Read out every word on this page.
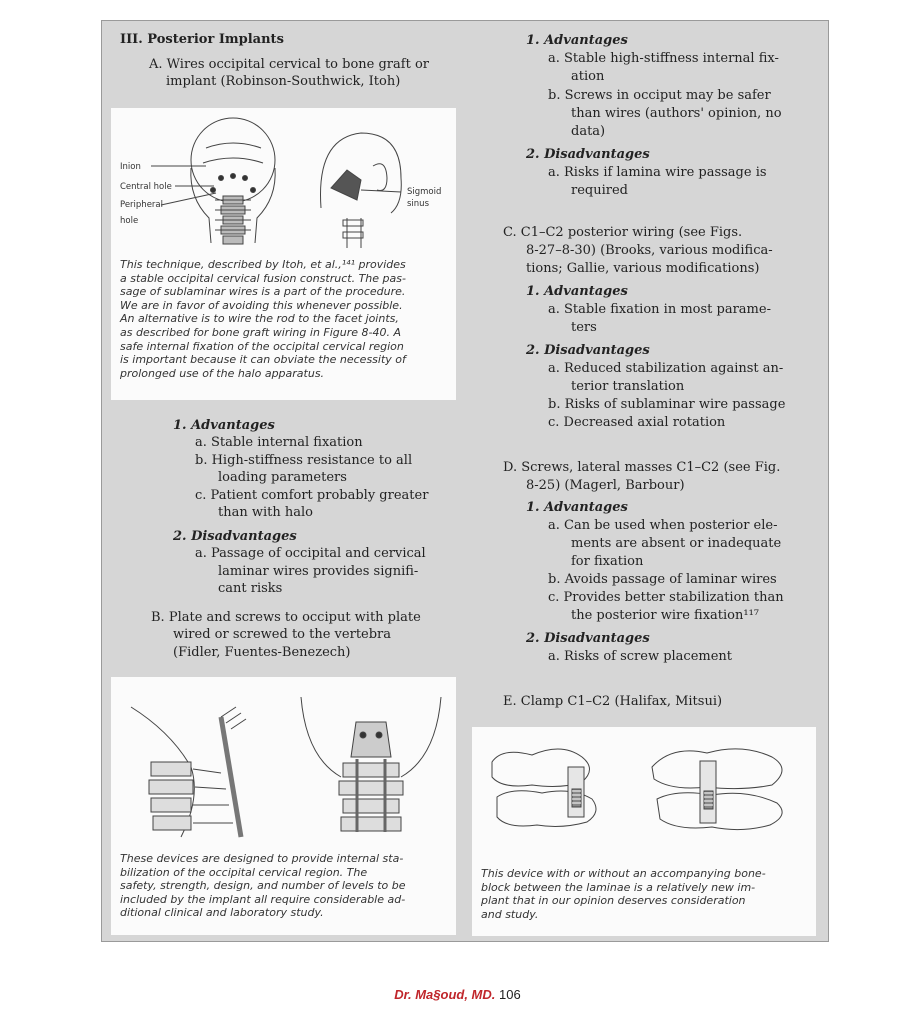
III. Posterior Implants
A. Wires occipital cervical to bone graft or
implant (Robinson-Southwick, Itoh)
Inion
Central hole
Peripheral
hole
Sigmoid
sinus
This technique, described by Itoh, et al.,¹⁴¹ provides
a stable occipital cervical fusion construct. The pas-
sage of sublaminar wires is a part of the procedure.
We are in favor of avoiding this whenever possible.
An alternative is to wire the rod to the facet joints,
as described for bone graft wiring in Figure 8-40. A
safe internal fixation of the occipital cervical region
is important because it can obviate the necessity of
prolonged use of the halo apparatus.
1. Advantages
a. Stable internal fixation
b. High-stiffness resistance to all
loading parameters
c. Patient comfort probably greater
than with halo
2. Disadvantages
a. Passage of occipital and cervical
laminar wires provides signifi-
cant risks
B. Plate and screws to occiput with plate
wired or screwed to the vertebra
(Fidler, Fuentes-Benezech)
These devices are designed to provide internal sta-
bilization of the occipital cervical region. The
safety, strength, design, and number of levels to be
included by the implant all require considerable ad-
ditional clinical and laboratory study.
1. Advantages
a. Stable high-stiffness internal fix-
ation
b. Screws in occiput may be safer
than wires (authors' opinion, no
data)
2. Disadvantages
a. Risks if lamina wire passage is
required
C. C1–C2 posterior wiring (see Figs.
8-27–8-30) (Brooks, various modifica-
tions; Gallie, various modifications)
1. Advantages
a. Stable fixation in most parame-
ters
2. Disadvantages
a. Reduced stabilization against an-
terior translation
b. Risks of sublaminar wire passage
c. Decreased axial rotation
D. Screws, lateral masses C1–C2 (see Fig.
8-25) (Magerl, Barbour)
1. Advantages
a. Can be used when posterior ele-
ments are absent or inadequate
for fixation
b. Avoids passage of laminar wires
c. Provides better stabilization than
the posterior wire fixation¹¹⁷
2. Disadvantages
a. Risks of screw placement
E. Clamp C1–C2 (Halifax, Mitsui)
This device with or without an accompanying bone-
block between the laminae is a relatively new im-
plant that in our opinion deserves consideration
and study.
Dr. Ma§oud, MD. 106
